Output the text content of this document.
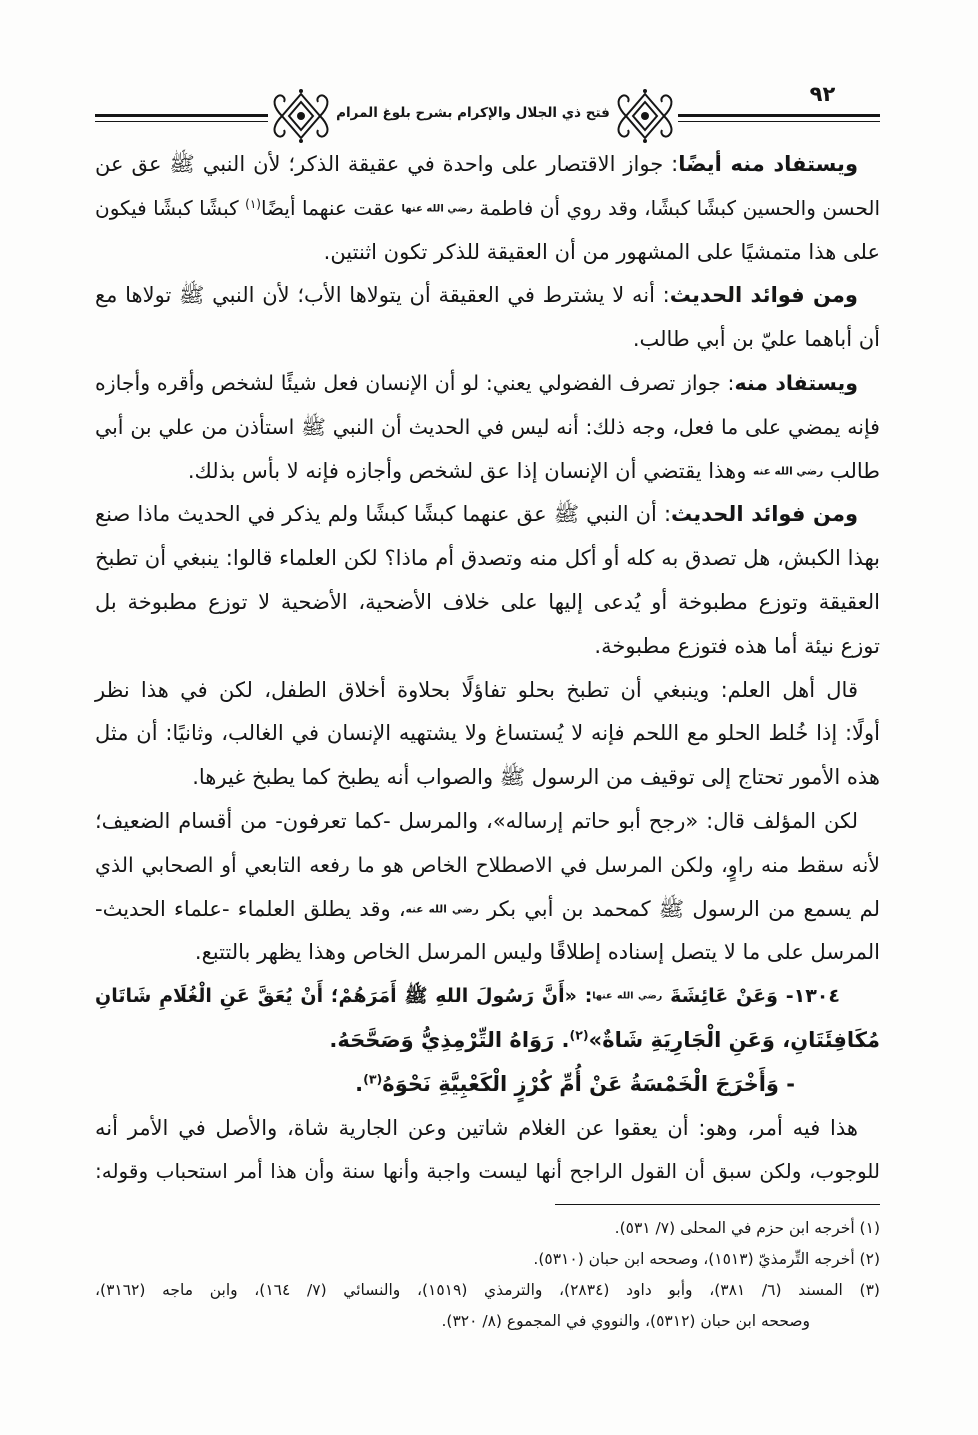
٩٢
فتح ذي الجلال والإكرام بشرح بلوغ المرام
ويستفاد منه أيضًا: جواز الاقتصار على واحدة في عقيقة الذكر؛ لأن النبي ﷺ عق عن
الحسن والحسين كبشًا كبشًا، وقد روي أن فاطمة رضي الله عنها عقت عنهما أيضًا$^{(١)}$ كبشًا كبشًا فيكون
على هذا متمشيًا على المشهور من أن العقيقة للذكر تكون اثنتين.
ومن فوائد الحديث: أنه لا يشترط في العقيقة أن يتولاها الأب؛ لأن النبي ﷺ تولاها مع
أن أباهما عليّ بن أبي طالب.
ويستفاد منه: جواز تصرف الفضولي يعني: لو أن الإنسان فعل شيئًا لشخص وأقره وأجازه
فإنه يمضي على ما فعل، وجه ذلك: أنه ليس في الحديث أن النبي ﷺ استأذن من علي بن أبي
طالب رضي الله عنه وهذا يقتضي أن الإنسان إذا عق لشخص وأجازه فإنه لا بأس بذلك.
ومن فوائد الحديث: أن النبي ﷺ عق عنهما كبشًا كبشًا ولم يذكر في الحديث ماذا صنع
بهذا الكبش، هل تصدق به كله أو أكل منه وتصدق أم ماذا؟ لكن العلماء قالوا: ينبغي أن تطبخ
العقيقة وتوزع مطبوخة أو يُدعى إليها على خلاف الأضحية، الأضحية لا توزع مطبوخة بل
توزع نيئة أما هذه فتوزع مطبوخة.
قال أهل العلم: وينبغي أن تطبخ بحلو تفاؤلًا بحلاوة أخلاق الطفل، لكن في هذا نظر
أولًا: إذا خُلط الحلو مع اللحم فإنه لا يُستساغ ولا يشتهيه الإنسان في الغالب، وثانيًا: أن مثل
هذه الأمور تحتاج إلى توقيف من الرسول ﷺ والصواب أنه يطبخ كما يطبخ غيرها.
لكن المؤلف قال: «رجح أبو حاتم إرساله»، والمرسل -كما تعرفون- من أقسام الضعيف؛
لأنه سقط منه راوٍ، ولكن المرسل في الاصطلاح الخاص هو ما رفعه التابعي أو الصحابي الذي
لم يسمع من الرسول ﷺ كمحمد بن أبي بكر رضي الله عنه، وقد يطلق العلماء -علماء الحديث-
المرسل على ما لا يتصل إسناده إطلاقًا وليس المرسل الخاص وهذا يظهر بالتتبع.
١٣٠٤- وَعَنْ عَائِشَةَ رضي الله عنها: «أَنَّ رَسُولَ اللهِ ﷺ أَمَرَهُمْ؛ أَنْ يُعَقَّ عَنِ الْغُلَامِ شَاتَانِ
مُكَافِئَتَانِ، وَعَنِ الْجَارِيَةِ شَاةٌ»$^{(٢)}$. رَوَاهُ التِّرْمِذِيُّ وَصَحَّحَهُ.
- وَأَخْرَجَ الْخَمْسَةُ عَنْ أُمِّ كُرْزٍ الْكَعْبِيَّةِ نَحْوَهُ$^{(٣)}$.
هذا فيه أمر، وهو: أن يعقوا عن الغلام شاتين وعن الجارية شاة، والأصل في الأمر أنه
للوجوب، ولكن سبق أن القول الراجح أنها ليست واجبة وأنها سنة وأن هذا أمر استحباب وقوله:
(١) أخرجه ابن حزم في المحلى (٧/ ٥٣١).
(٢) أخرجه التِّرمذيّ (١٥١٣)، وصححه ابن حبان (٥٣١٠).
(٣) المسند (٦/ ٣٨١)، وأبو داود (٢٨٣٤)، والترمذي (١٥١٩)، والنسائي (٧/ ١٦٤)، وابن ماجه (٣١٦٢)،
وصححه ابن حبان (٥٣١٢)، والنووي في المجموع (٨/ ٣٢٠).
